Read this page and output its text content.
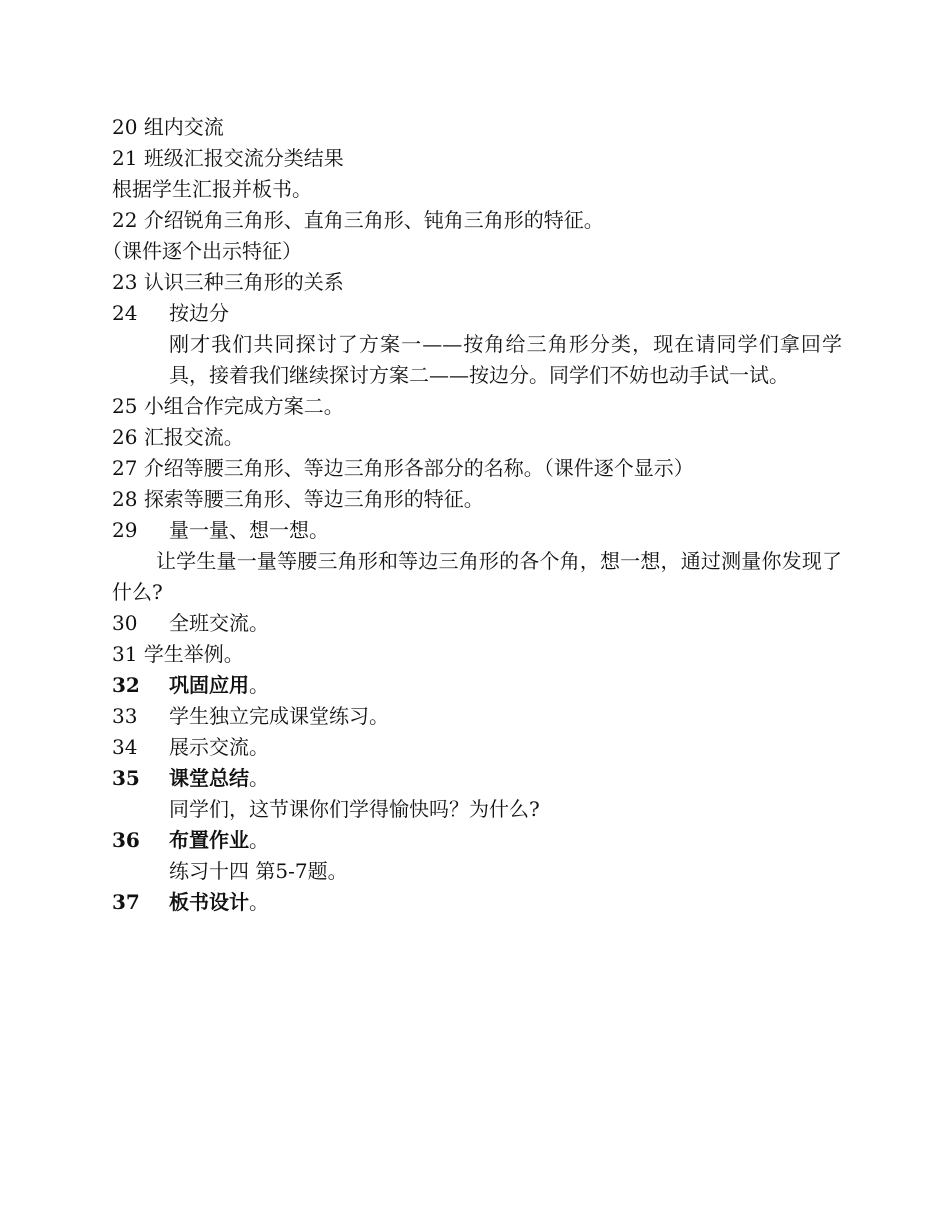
20 组内交流
21 班级汇报交流分类结果
根据学生汇报并板书。
22 介绍锐角三角形、直角三角形、钝角三角形的特征。
（课件逐个出示特征）
23 认识三种三角形的关系
24 按边分
刚才我们共同探讨了方案一——按角给三角形分类，现在请同学们拿回学具，接着我们继续探讨方案二——按边分。同学们不妨也动手试一试。
25 小组合作完成方案二。
26 汇报交流。
27 介绍等腰三角形、等边三角形各部分的名称。（课件逐个显示）
28 探索等腰三角形、等边三角形的特征。
29 量一量、想一想。
让学生量一量等腰三角形和等边三角形的各个角，想一想，通过测量你发现了什么?
30 全班交流。
31 学生举例。
32 巩固应用。
33 学生独立完成课堂练习。
34 展示交流。
35 课堂总结。
同学们，这节课你们学得愉快吗？为什么?
36 布置作业。
练习十四 第5-7题。
37 板书设计。
